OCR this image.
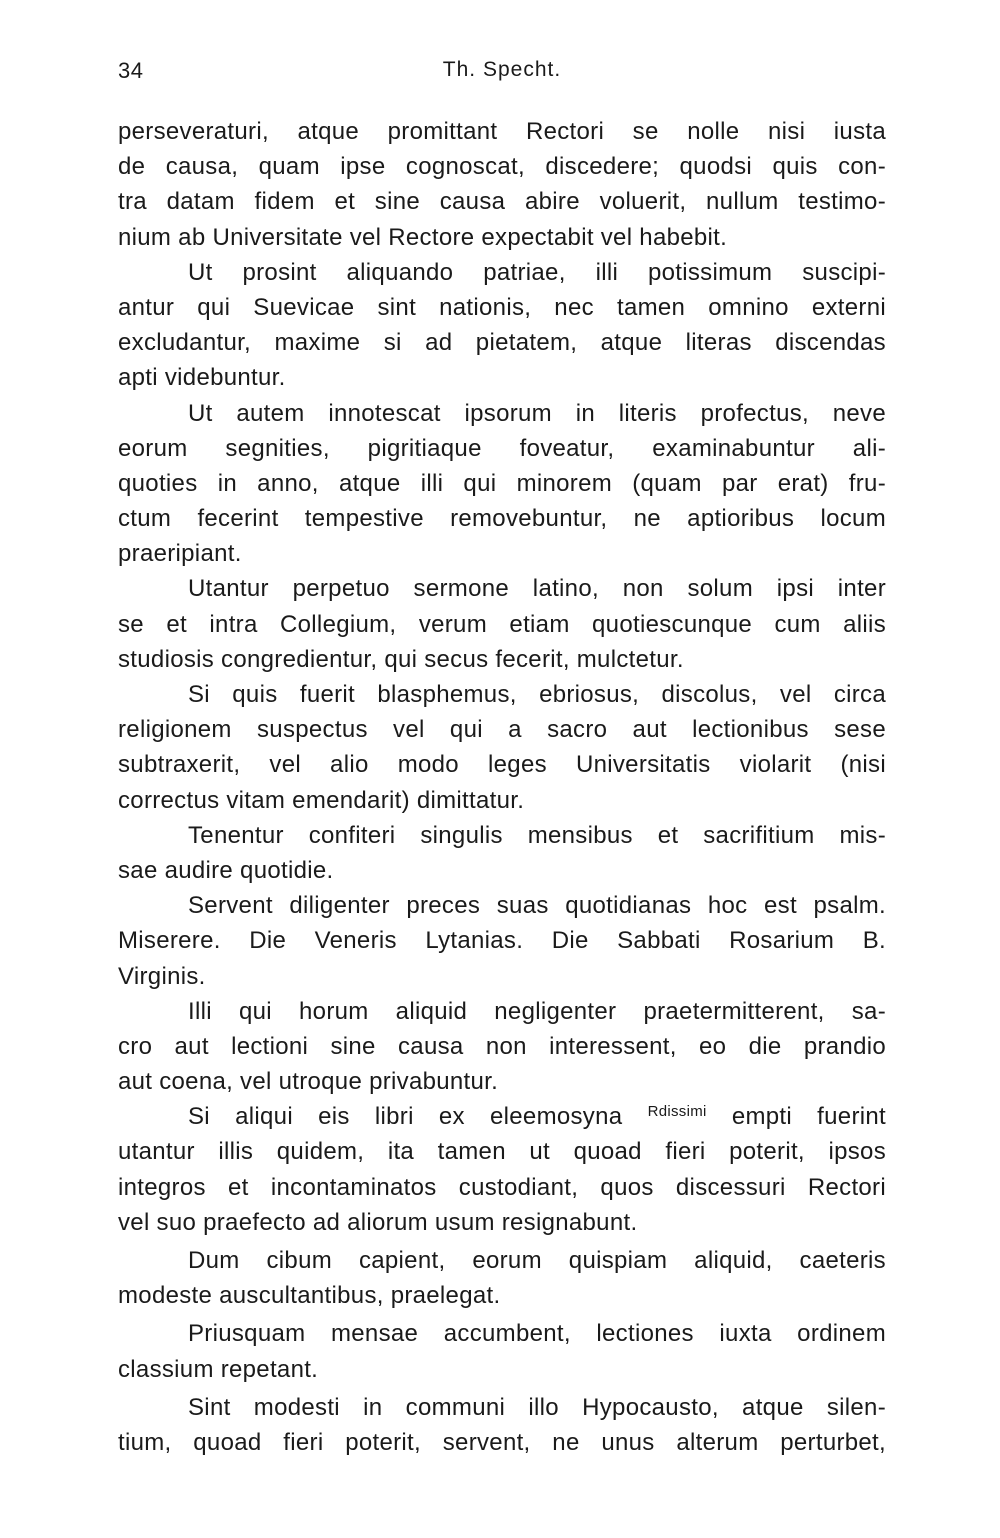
34	Th. Specht.
perseveraturi, atque promittant Rectori se nolle nisi iusta
de causa, quam ipse cognoscat, discedere; quodsi quis con-
tra datam fidem et sine causa abire voluerit, nullum testimo-
nium ab Universitate vel Rectore expectabit vel habebit.
Ut prosint aliquando patriae, illi potissimum suscipi-
antur qui Suevicae sint nationis, nec tamen omnino externi
excludantur, maxime si ad pietatem, atque literas discendas
apti videbuntur.
Ut autem innotescat ipsorum in literis profectus, neve
eorum segnities, pigritiaque foveatur, examinabuntur ali-
quoties in anno, atque illi qui minorem (quam par erat) fru-
ctum fecerint tempestive removebuntur, ne aptioribus locum
praeripiant.
Utantur perpetuo sermone latino, non solum ipsi inter
se et intra Collegium, verum etiam quotiescunque cum aliis
studiosis congredientur, qui secus fecerit, mulctetur.
Si quis fuerit blasphemus, ebriosus, discolus, vel circa
religionem suspectus vel qui a sacro aut lectionibus sese
subtraxerit, vel alio modo leges Universitatis violarit (nisi
correctus vitam emendarit) dimittatur.
Tenentur confiteri singulis mensibus et sacrifitium mis-
sae audire quotidie.
Servent diligenter preces suas quotidianas hoc est psalm.
Miserere. Die Veneris Lytanias. Die Sabbati Rosarium B.
Virginis.
Illi qui horum aliquid negligenter praetermitterent, sa-
cro aut lectioni sine causa non interessent, eo die prandio
aut coena, vel utroque privabuntur.
Si aliqui eis libri ex eleemosyna $^{Rdissimi}$ empti fuerint
utantur illis quidem, ita tamen ut quoad fieri poterit, ipsos
integros et incontaminatos custodiant, quos discessuri Rectori
vel suo praefecto ad aliorum usum resignabunt.
Dum cibum capient, eorum quispiam aliquid, caeteris
modeste auscultantibus, praelegat.
Priusquam mensae accumbent, lectiones iuxta ordinem
classium repetant.
Sint modesti in communi illo Hypocausto, atque silen-
tium, quoad fieri poterit, servent, ne unus alterum perturbet,
